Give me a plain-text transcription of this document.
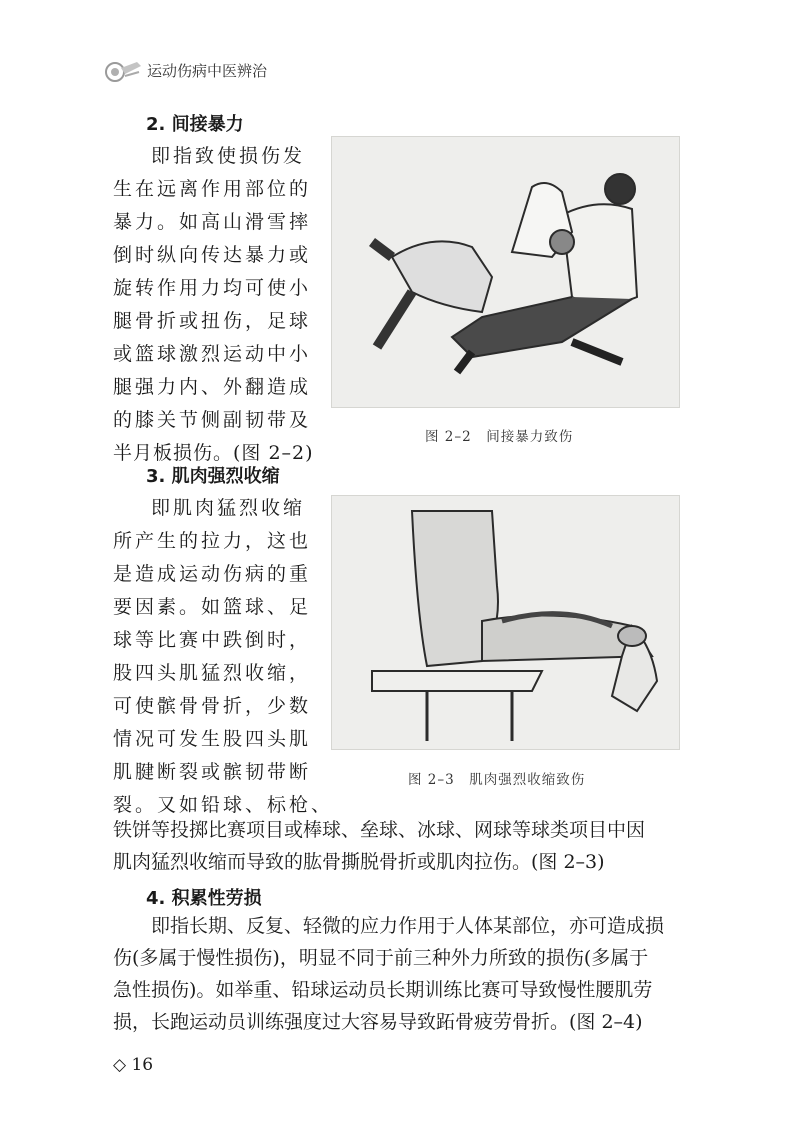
运动伤病中医辨治
2. 间接暴力
即指致使损伤发
生在远离作用部位的
暴力。如高山滑雪摔
倒时纵向传达暴力或
旋转作用力均可使小
腿骨折或扭伤，足球
或篮球激烈运动中小
腿强力内、外翻造成
的膝关节侧副韧带及
半月板损伤。(图 2–2)
图 2–2　间接暴力致伤
3. 肌肉强烈收缩
即肌肉猛烈收缩
所产生的拉力，这也
是造成运动伤病的重
要因素。如篮球、足
球等比赛中跌倒时，
股四头肌猛烈收缩，
可使髌骨骨折，少数
情况可发生股四头肌
肌腱断裂或髌韧带断
裂。又如铅球、标枪、
图 2–3　肌肉强烈收缩致伤
铁饼等投掷比赛项目或棒球、垒球、冰球、网球等球类项目中因
肌肉猛烈收缩而导致的肱骨撕脱骨折或肌肉拉伤。(图 2–3)
4. 积累性劳损
即指长期、反复、轻微的应力作用于人体某部位，亦可造成损
伤(多属于慢性损伤)，明显不同于前三种外力所致的损伤(多属于
急性损伤)。如举重、铅球运动员长期训练比赛可导致慢性腰肌劳
损，长跑运动员训练强度过大容易导致跖骨疲劳骨折。(图 2–4)
◇ 16
